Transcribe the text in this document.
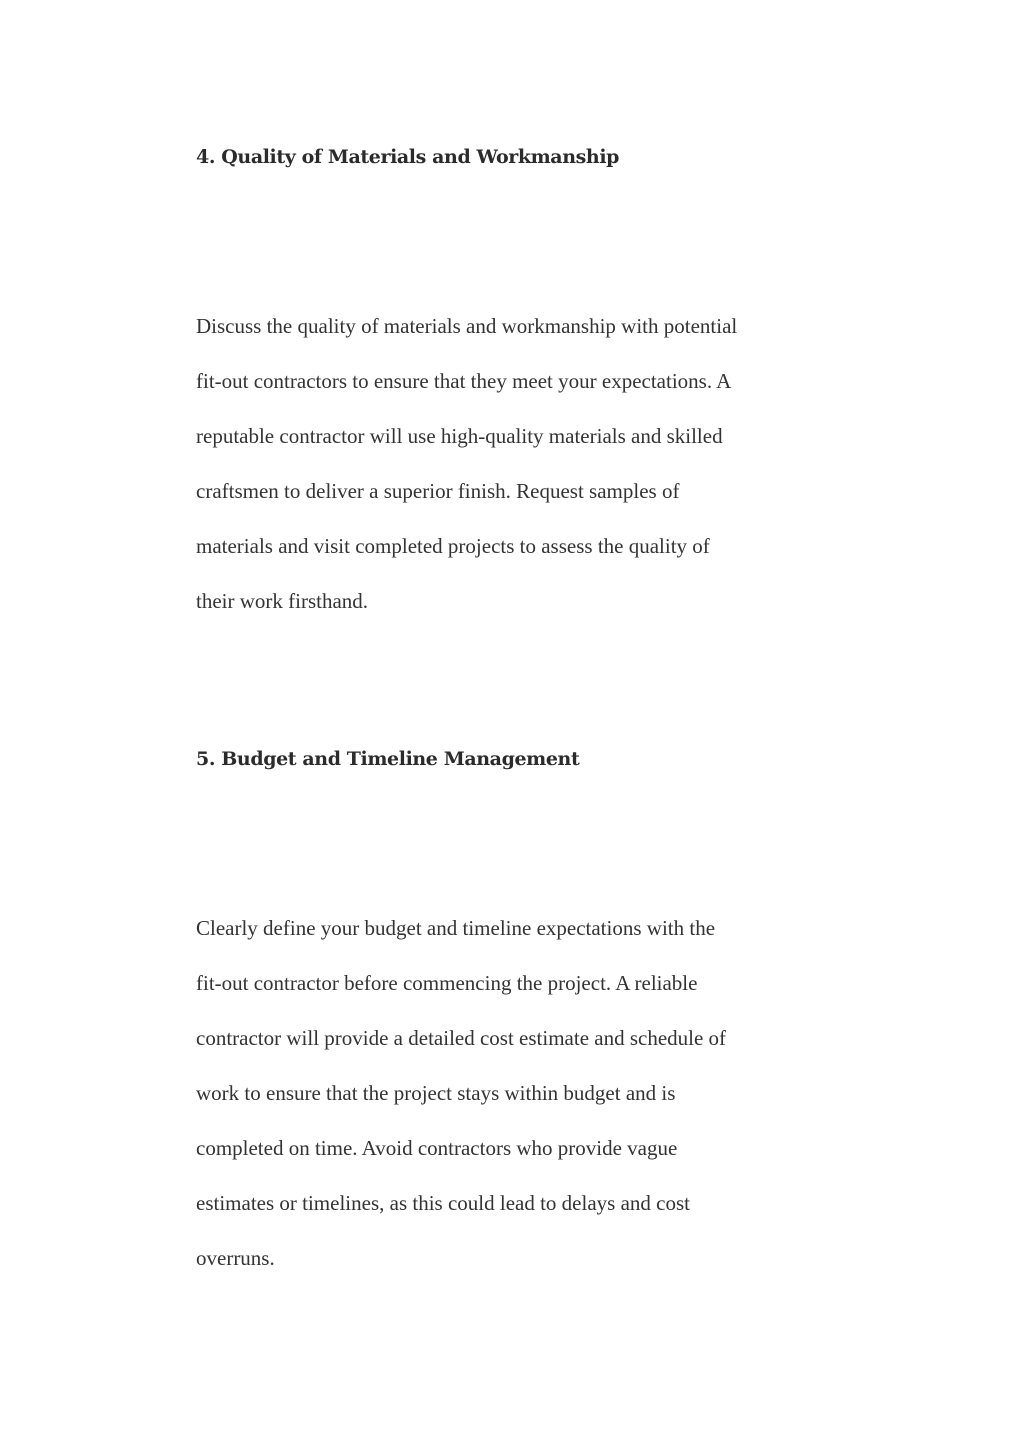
4. Quality of Materials and Workmanship
Discuss the quality of materials and workmanship with potential
fit-out contractors to ensure that they meet your expectations. A
reputable contractor will use high-quality materials and skilled
craftsmen to deliver a superior finish. Request samples of
materials and visit completed projects to assess the quality of
their work firsthand.
5. Budget and Timeline Management
Clearly define your budget and timeline expectations with the
fit-out contractor before commencing the project. A reliable
contractor will provide a detailed cost estimate and schedule of
work to ensure that the project stays within budget and is
completed on time. Avoid contractors who provide vague
estimates or timelines, as this could lead to delays and cost
overruns.
